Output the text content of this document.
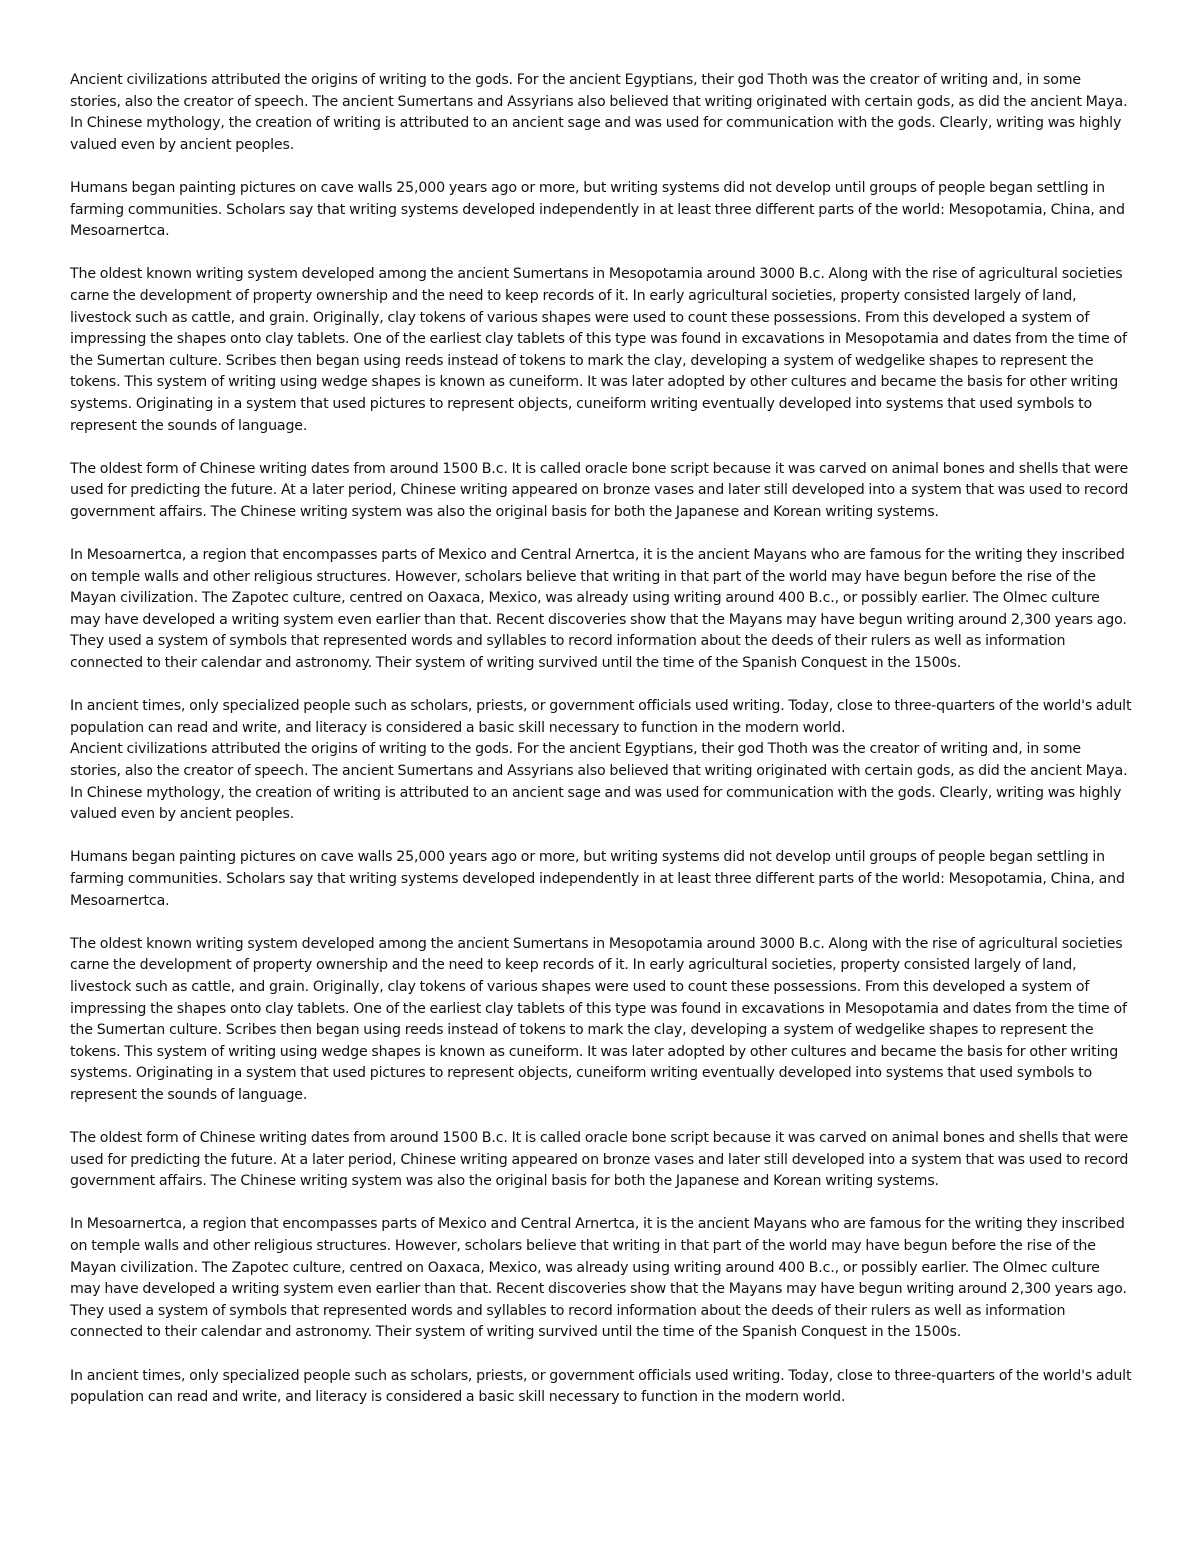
Ancient civilizations attributed the origins of writing to the gods. For the ancient Egyptians, their god Thoth was the creator of writing and, in some stories, also the creator of speech. The ancient Sumertans and Assyrians also believed that writing originated with certain gods, as did the ancient Maya. In Chinese mythology, the creation of writing is attributed to an ancient sage and was used for communication with the gods. Clearly, writing was highly valued even by ancient peoples.

Humans began painting pictures on cave walls 25,000 years ago or more, but writing systems did not develop until groups of people began settling in farming communities. Scholars say that writing systems developed independently in at least three different parts of the world: Mesopotamia, China, and Mesoarnertca.

The oldest known writing system developed among the ancient Sumertans in Mesopotamia around 3000 B.c. Along with the rise of agricultural societies carne the development of property ownership and the need to keep records of it. In early agricultural societies, property consisted largely of land, livestock such as cattle, and grain. Originally, clay tokens of various shapes were used to count these possessions. From this developed a system of impressing the shapes onto clay tablets. One of the earliest clay tablets of this type was found in excavations in Mesopotamia and dates from the time of the Sumertan culture. Scribes then began using reeds instead of tokens to mark the clay, developing a system of wedgelike shapes to represent the tokens. This system of writing using wedge shapes is known as cuneiform. It was later adopted by other cultures and became the basis for other writing systems. Originating in a system that used pictures to represent objects, cuneiform writing eventually developed into systems that used symbols to represent the sounds of language.

The oldest form of Chinese writing dates from around 1500 B.c. It is called oracle bone script because it was carved on animal bones and shells that were used for predicting the future. At a later period, Chinese writing appeared on bronze vases and later still developed into a system that was used to record government affairs. The Chinese writing system was also the original basis for both the Japanese and Korean writing systems.

In Mesoarnertca, a region that encompasses parts of Mexico and Central Arnertca, it is the ancient Mayans who are famous for the writing they inscribed on temple walls and other religious structures. However, scholars believe that writing in that part of the world may have begun before the rise of the Mayan civilization. The Zapotec culture, centred on Oaxaca, Mexico, was already using writing around 400 B.c., or possibly earlier. The Olmec culture may have developed a writing system even earlier than that. Recent discoveries show that the Mayans may have begun writing around 2,300 years ago. They used a system of symbols that represented words and syllables to record information about the deeds of their rulers as well as information connected to their calendar and astronomy. Their system of writing survived until the time of the Spanish Conquest in the 1500s.

In ancient times, only specialized people such as scholars, priests, or government officials used writing. Today, close to three-quarters of the world's adult population can read and write, and literacy is considered a basic skill necessary to function in the modern world.

Ancient civilizations attributed the origins of writing to the gods. For the ancient Egyptians, their god Thoth was the creator of writing and, in some stories, also the creator of speech. The ancient Sumertans and Assyrians also believed that writing originated with certain gods, as did the ancient Maya. In Chinese mythology, the creation of writing is attributed to an ancient sage and was used for communication with the gods. Clearly, writing was highly valued even by ancient peoples.

Humans began painting pictures on cave walls 25,000 years ago or more, but writing systems did not develop until groups of people began settling in farming communities. Scholars say that writing systems developed independently in at least three different parts of the world: Mesopotamia, China, and Mesoarnertca.

The oldest known writing system developed among the ancient Sumertans in Mesopotamia around 3000 B.c. Along with the rise of agricultural societies carne the development of property ownership and the need to keep records of it. In early agricultural societies, property consisted largely of land, livestock such as cattle, and grain. Originally, clay tokens of various shapes were used to count these possessions. From this developed a system of impressing the shapes onto clay tablets. One of the earliest clay tablets of this type was found in excavations in Mesopotamia and dates from the time of the Sumertan culture. Scribes then began using reeds instead of tokens to mark the clay, developing a system of wedgelike shapes to represent the tokens. This system of writing using wedge shapes is known as cuneiform. It was later adopted by other cultures and became the basis for other writing systems. Originating in a system that used pictures to represent objects, cuneiform writing eventually developed into systems that used symbols to represent the sounds of language.

The oldest form of Chinese writing dates from around 1500 B.c. It is called oracle bone script because it was carved on animal bones and shells that were used for predicting the future. At a later period, Chinese writing appeared on bronze vases and later still developed into a system that was used to record government affairs. The Chinese writing system was also the original basis for both the Japanese and Korean writing systems.

In Mesoarnertca, a region that encompasses parts of Mexico and Central Arnertca, it is the ancient Mayans who are famous for the writing they inscribed on temple walls and other religious structures. However, scholars believe that writing in that part of the world may have begun before the rise of the Mayan civilization. The Zapotec culture, centred on Oaxaca, Mexico, was already using writing around 400 B.c., or possibly earlier. The Olmec culture may have developed a writing system even earlier than that. Recent discoveries show that the Mayans may have begun writing around 2,300 years ago. They used a system of symbols that represented words and syllables to record information about the deeds of their rulers as well as information connected to their calendar and astronomy. Their system of writing survived until the time of the Spanish Conquest in the 1500s.

In ancient times, only specialized people such as scholars, priests, or government officials used writing. Today, close to three-quarters of the world's adult population can read and write, and literacy is considered a basic skill necessary to function in the modern world.
